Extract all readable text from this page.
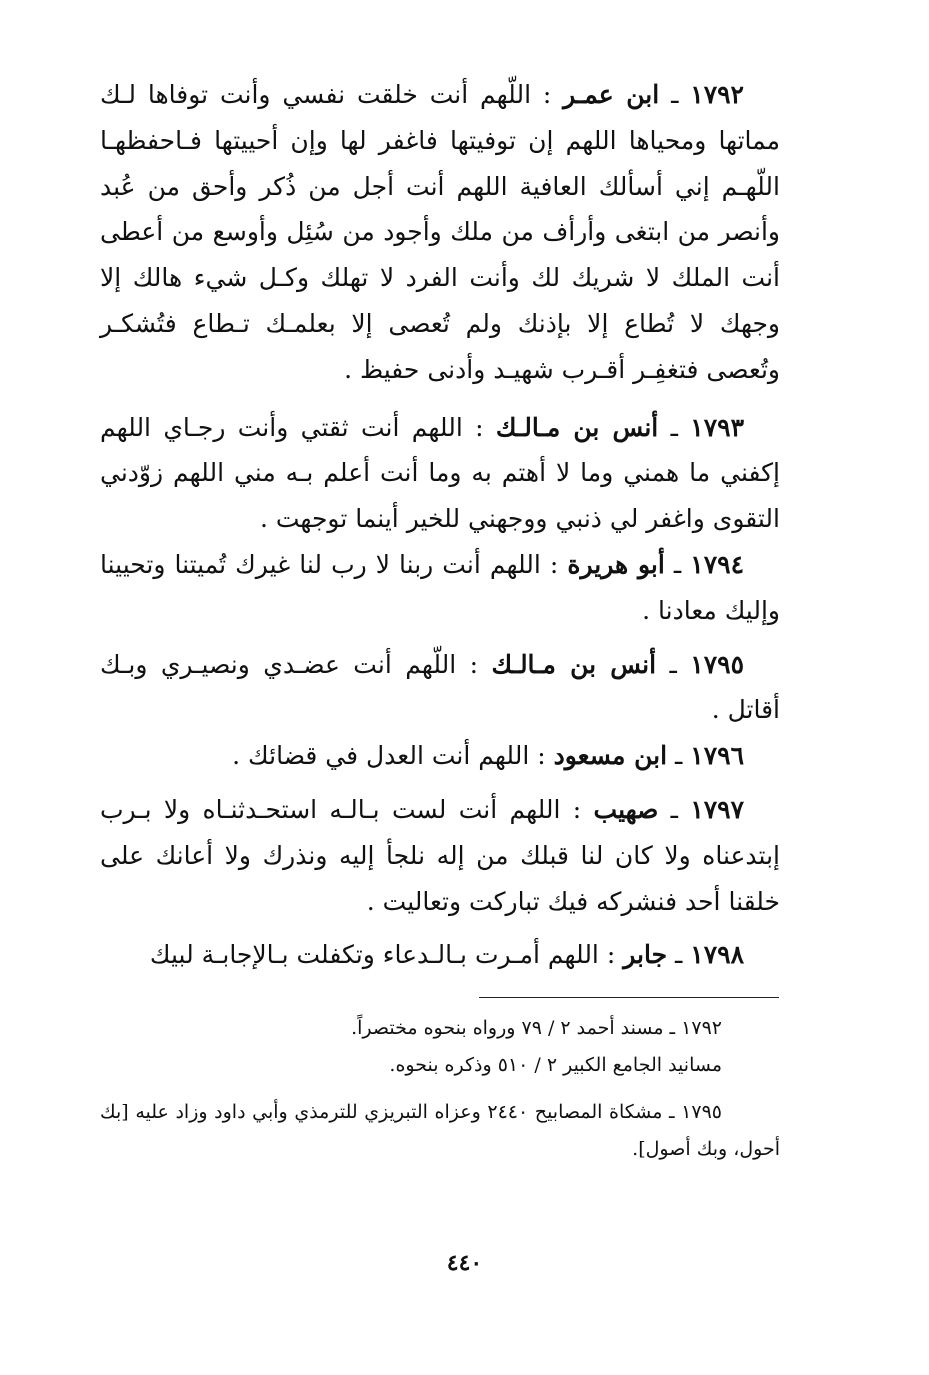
١٧٩٢ ـ ابن عمـر : اللّهم أنت خلقت نفسي وأنت توفاها لـك مماتها ومحياها اللهم إن توفيتها فاغفر لها وإن أحييتها فـاحفظهـا اللّهـم إني أسألك العافية اللهم أنت أجل من ذُكر وأحق من عُبد وأنصر من ابتغى وأرأف من ملك وأجود من سُئِل وأوسع من أعطى أنت الملك لا شريك لك وأنت الفرد لا تهلك وكـل شيء هالك إلا وجهك لا تُطاع إلا بإذنك ولم تُعصى إلا بعلمـك تـطاع فتُشكـر وتُعصى فتغفِـر أقـرب شهيـد وأدنى حفيظ .

١٧٩٣ ـ أنس بن مـالـك : اللهم أنت ثقتي وأنت رجـاي اللهم إكفني ما همني وما لا أهتم به وما أنت أعلم بـه مني اللهم زوّدني التقوى واغفر لي ذنبي ووجهني للخير أينما توجهت .

١٧٩٤ ـ أبو هريرة : اللهم أنت ربنا لا رب لنا غيرك تُميتنا وتحيينا وإليك معادنا .

١٧٩٥ ـ أنس بن مـالـك : اللّهم أنت عضـدي ونصيـري وبـك أقاتل .

١٧٩٦ ـ ابن مسعود : اللهم أنت العدل في قضائك .

١٧٩٧ ـ صهيب : اللهم أنت لست بـالـه استحـدثنـاه ولا بـرب إبتدعناه ولا كان لنا قبلك من إله نلجأ إليه ونذرك ولا أعانك على خلقنا أحد فنشركه فيك تباركت وتعاليت .

١٧٩٨ ـ جابر : اللهم أمـرت بـالـدعاء وتكفلت بـالإجابـة لبيك

١٧٩٢ ـ مسند أحمد ٢ / ٧٩ ورواه بنحوه مختصراً.

مسانيد الجامع الكبير ٢ / ٥١٠ وذكره بنحوه.

١٧٩٥ ـ مشكاة المصابيح ٢٤٤٠ وعزاه التبريزي للترمذي وأبي داود وزاد عليه [بك أحول، وبك أصول].

٤٤٠
